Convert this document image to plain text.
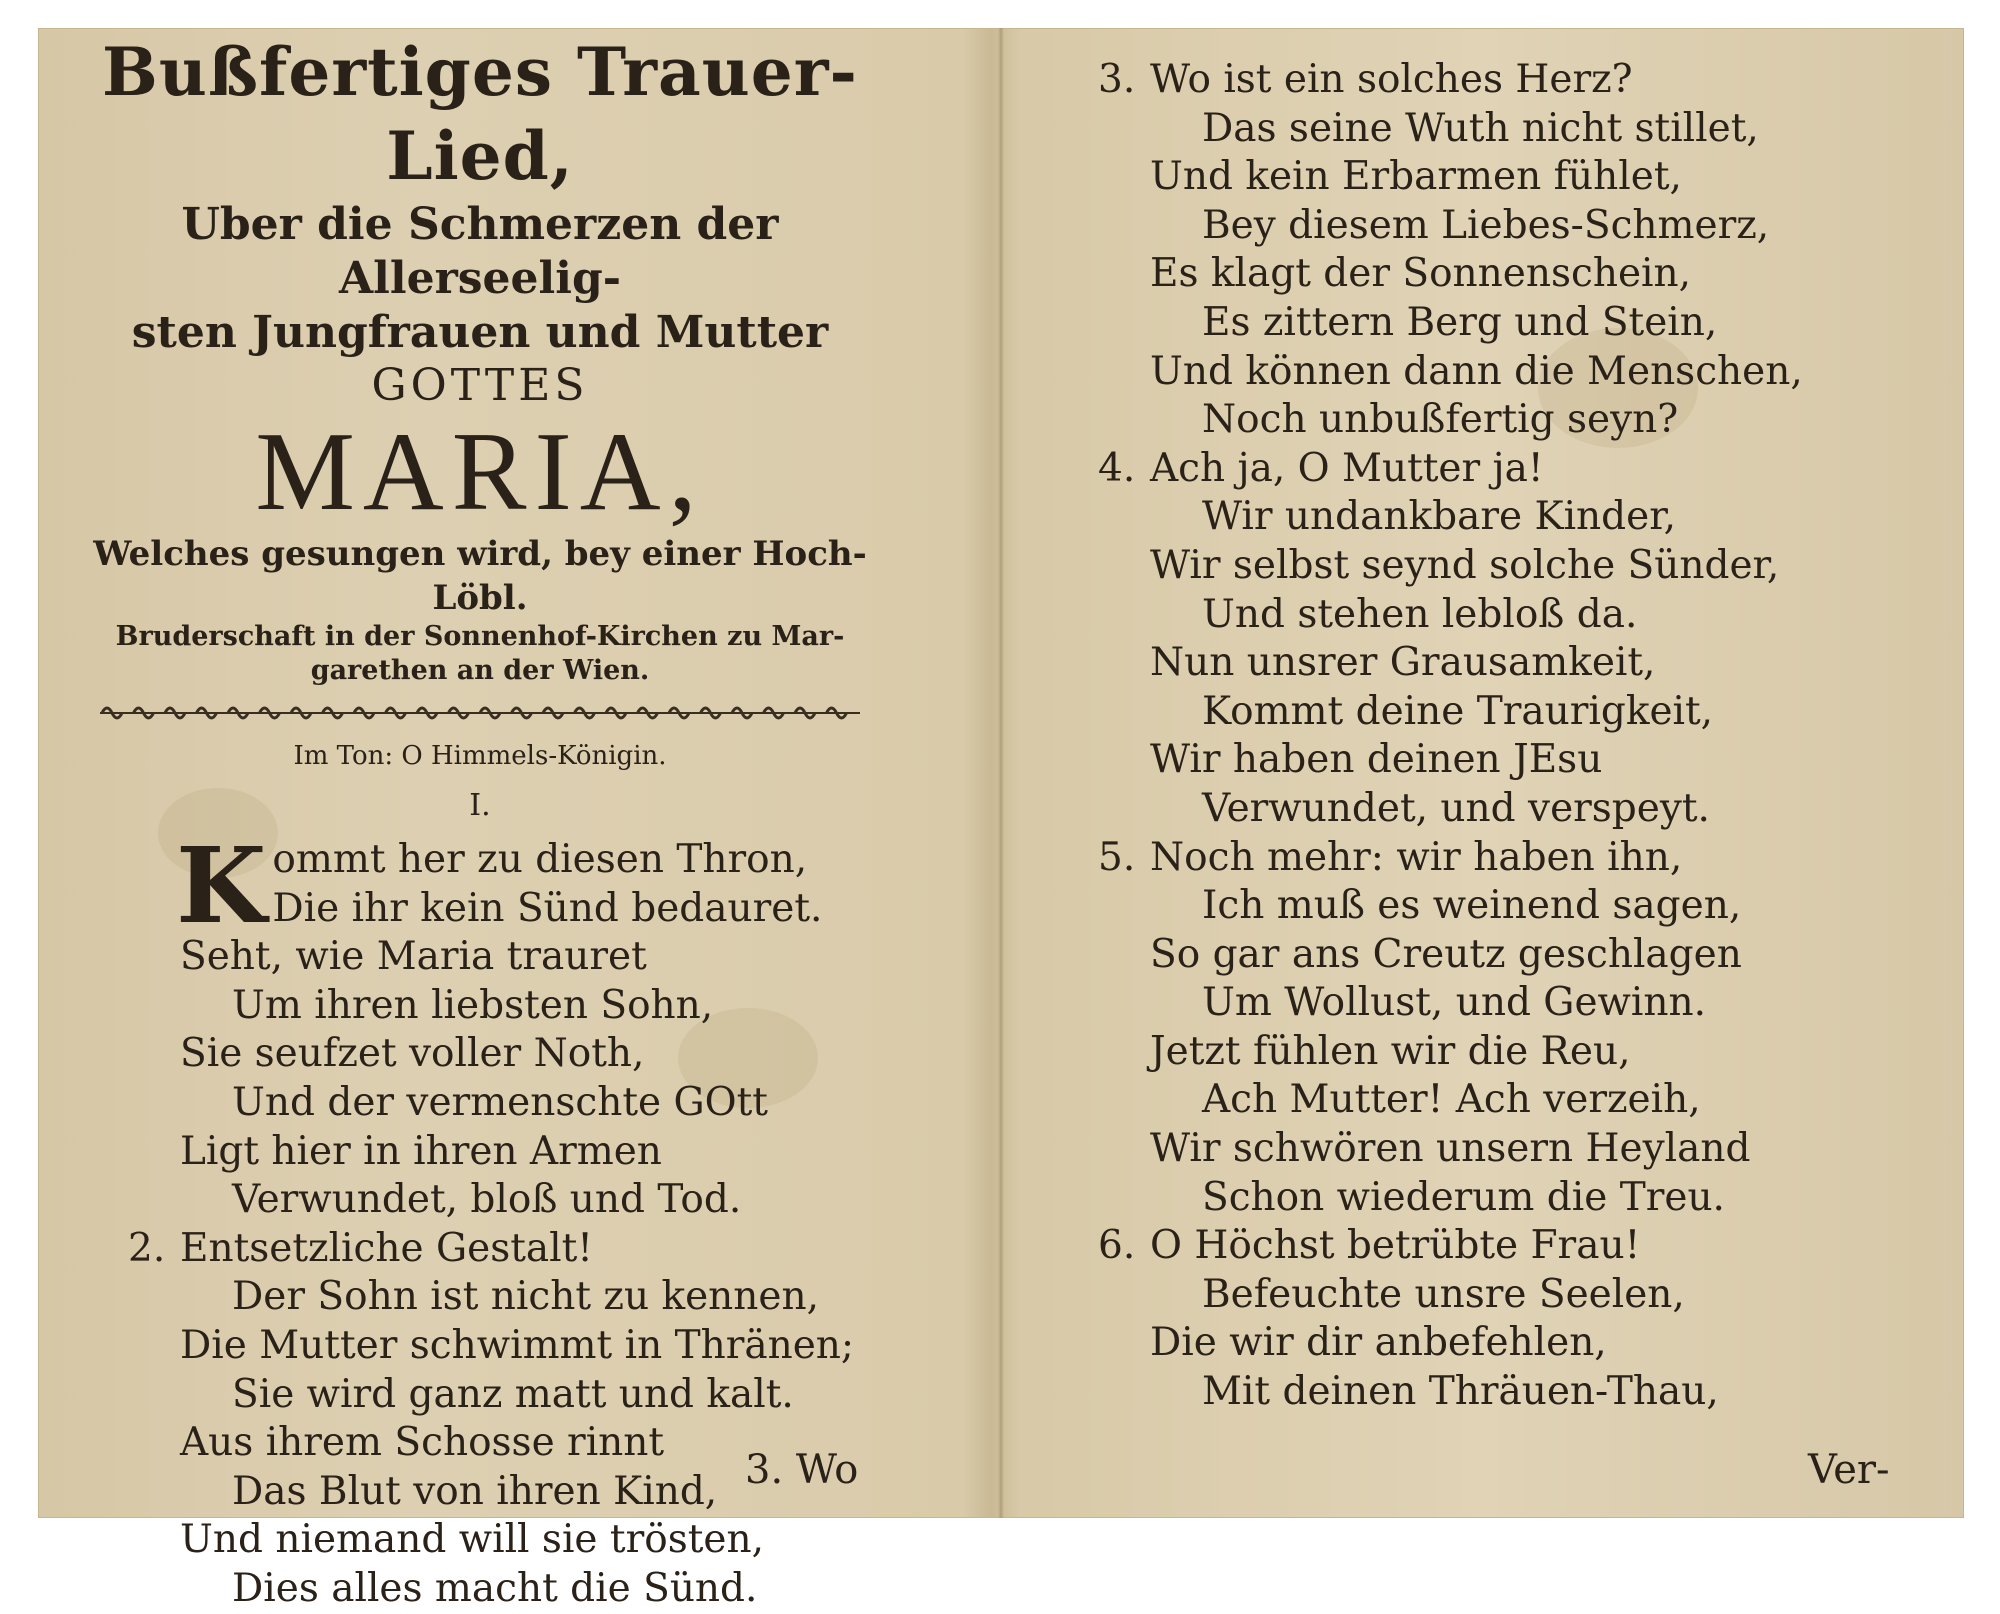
Bußfertiges Trauer-Lied,

Uber die Schmerzen der Allerseelig-

sten Jungfrauen und Mutter

GOTTES

MARIA,

Welches gesungen wird, bey einer Hoch-Löbl.

Bruderschaft in der Sonnenhof-Kirchen zu Mar-

garethen an der Wien.

Im Ton: O Himmels-Königin.
I.
K ommt her zu diesen Thron,
Die ihr kein Sünd bedauret.
Seht, wie Maria trauret
Um ihren liebsten Sohn,
Sie seufzet voller Noth,
Und der vermenschte GOtt
Ligt hier in ihren Armen
Verwundet, bloß und Tod.
2. Entsetzliche Gestalt!
Der Sohn ist nicht zu kennen,
Die Mutter schwimmt in Thränen;
Sie wird ganz matt und kalt.
Aus ihrem Schosse rinnt
Das Blut von ihren Kind,
Und niemand will sie trösten,
Dies alles macht die Sünd.
3. Wo
3. Wo ist ein solches Herz?
Das seine Wuth nicht stillet,
Und kein Erbarmen fühlet,
Bey diesem Liebes-Schmerz,
Es klagt der Sonnenschein,
Es zittern Berg und Stein,
Und können dann die Menschen,
Noch unbußfertig seyn?
4. Ach ja, O Mutter ja!
Wir undankbare Kinder,
Wir selbst seynd solche Sünder,
Und stehen lebloß da.
Nun unsrer Grausamkeit,
Kommt deine Traurigkeit,
Wir haben deinen JEsu
Verwundet, und verspeyt.
5. Noch mehr: wir haben ihn,
Ich muß es weinend sagen,
So gar ans Creutz geschlagen
Um Wollust, und Gewinn.
Jetzt fühlen wir die Reu,
Ach Mutter! Ach verzeih,
Wir schwören unsern Heyland
Schon wiederum die Treu.
6. O Höchst betrübte Frau!
Befeuchte unsre Seelen,
Die wir dir anbefehlen,
Mit deinen Thräuen-Thau,
Ver-
